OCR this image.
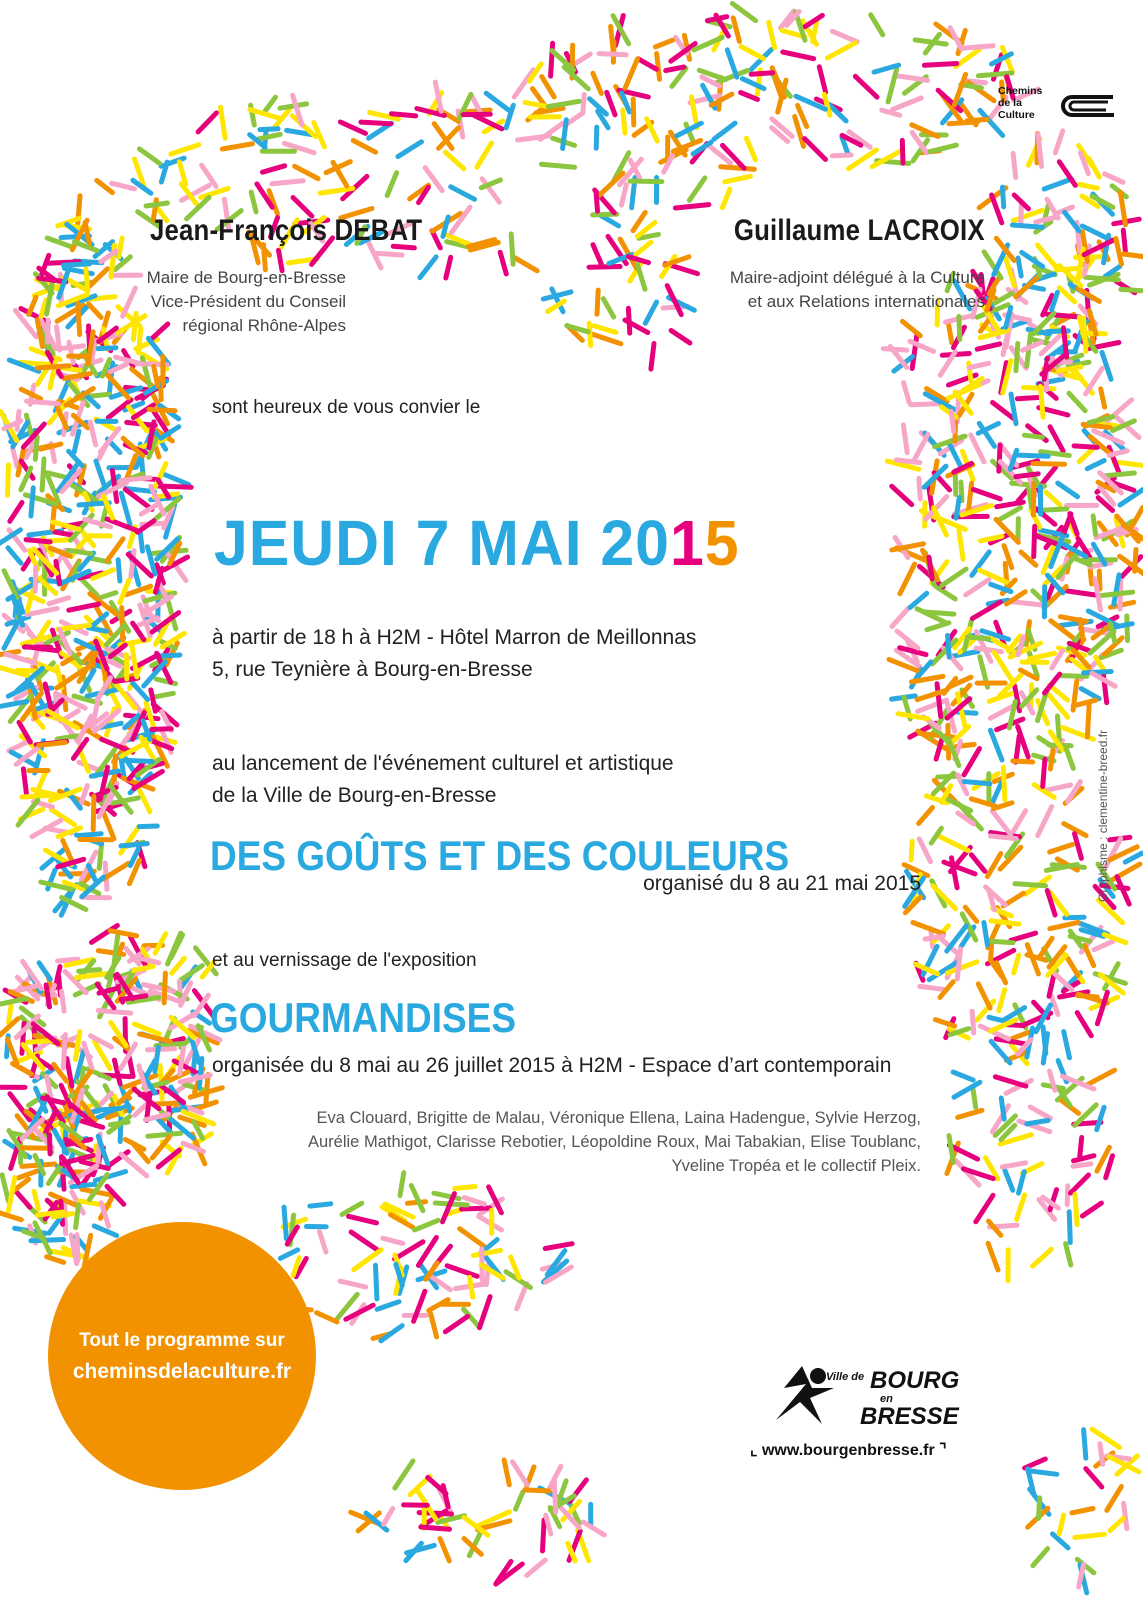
Chemins
de la
Culture
Jean-François DEBAT
Maire de Bourg-en-Bresse
Vice-Président du Conseil
régional Rhône-Alpes
Guillaume LACROIX
Maire-adjoint délégué à la Culture
et aux Relations internationales
sont heureux de vous convier le
JEUDI 7 MAI 2015
à partir de 18 h à H2M - Hôtel Marron de Meillonnas
5, rue Teynière à Bourg-en-Bresse
au lancement de l'événement culturel et artistique
de la Ville de Bourg-en-Bresse
DES GOÛTS ET DES COULEURS
organisé du 8 au 21 mai 2015
et au vernissage de l'exposition
GOURMANDISES
organisée du 8 mai au 26 juillet 2015 à H2M - Espace d’art contemporain
Eva Clouard, Brigitte de Malau, Véronique Ellena, Laina Hadengue, Sylvie Herzog,
Aurélie Mathigot, Clarisse Rebotier, Léopoldine Roux, Mai Tabakian, Elise Toublanc,
Yveline Tropéa et le collectif Pleix.
Tout le programme sur
cheminsdelaculture.fr	Ville de BOURG
en
BRESSE
⌞ www.bourgenbresse.fr ⌝
Graphisme : clementine-breed.fr
